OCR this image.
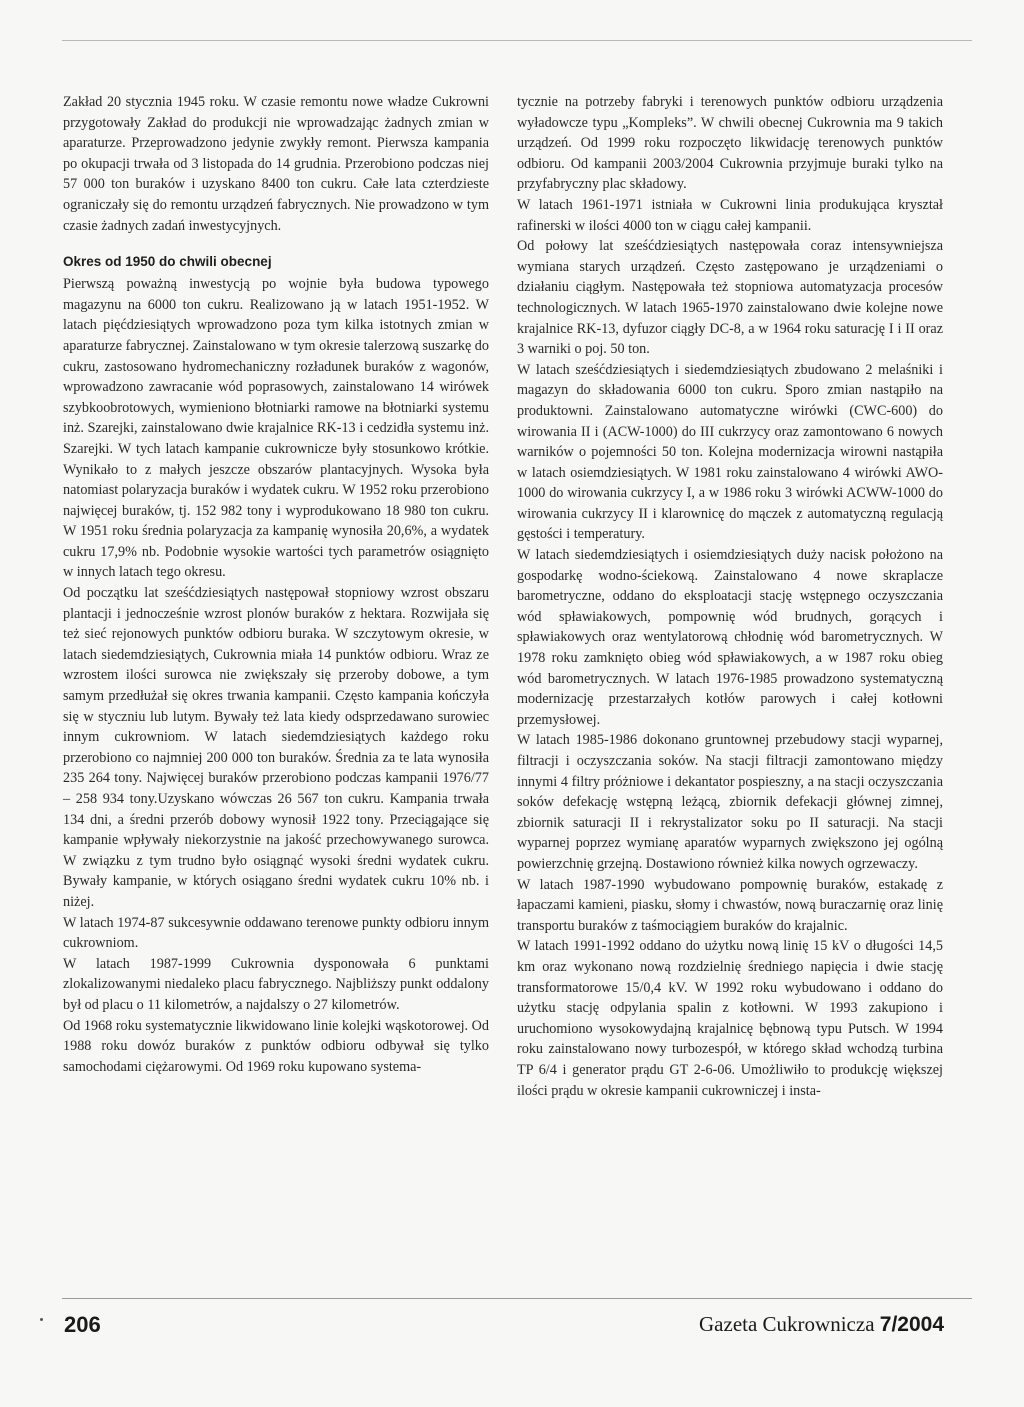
Zakład 20 stycznia 1945 roku. W czasie remontu nowe władze Cukrowni przygotowały Zakład do produkcji nie wprowadzając żadnych zmian w aparaturze. Przeprowadzono jedynie zwykły remont. Pierwsza kampania po okupacji trwała od 3 listopada do 14 grudnia. Przerobiono podczas niej 57 000 ton buraków i uzyskano 8400 ton cukru. Całe lata czterdzieste ograniczały się do remontu urządzeń fabrycznych. Nie prowadzono w tym czasie żadnych zadań inwestycyjnych.

Okres od 1950 do chwili obecnej

Pierwszą poważną inwestycją po wojnie była budowa typowego magazynu na 6000 ton cukru. Realizowano ją w latach 1951-1952. W latach pięćdziesiątych wprowadzono poza tym kilka istotnych zmian w aparaturze fabrycznej. Zainstalowano w tym okresie talerzową suszarkę do cukru, zastosowano hydromechaniczny rozładunek buraków z wagonów, wprowadzono zawracanie wód poprasowych, zainstalowano 14 wirówek szybkoobrotowych, wymieniono błotniarki ramowe na błotniarki systemu inż. Szarejki, zainstalowano dwie krajalnice RK-13 i cedzidła systemu inż. Szarejki. W tych latach kampanie cukrownicze były stosunkowo krótkie. Wynikało to z małych jeszcze obszarów plantacyjnych. Wysoka była natomiast polaryzacja buraków i wydatek cukru. W 1952 roku przerobiono najwięcej buraków, tj. 152 982 tony i wyprodukowano 18 980 ton cukru. W 1951 roku średnia polaryzacja za kampanię wynosiła 20,6%, a wydatek cukru 17,9% nb. Podobnie wysokie wartości tych parametrów osiągnięto w innych latach tego okresu.

Od początku lat sześćdziesiątych następował stopniowy wzrost obszaru plantacji i jednocześnie wzrost plonów buraków z hektara. Rozwijała się też sieć rejonowych punktów odbioru buraka. W szczytowym okresie, w latach siedemdziesiątych, Cukrownia miała 14 punktów odbioru. Wraz ze wzrostem ilości surowca nie zwiększały się przeroby dobowe, a tym samym przedłużał się okres trwania kampanii. Często kampania kończyła się w styczniu lub lutym. Bywały też lata kiedy odsprzedawano surowiec innym cukrowniom. W latach siedemdziesiątych każdego roku przerobiono co najmniej 200 000 ton buraków. Średnia za te lata wynosiła 235 264 tony. Najwięcej buraków przerobiono podczas kampanii 1976/77 – 258 934 tony.Uzyskano wówczas 26 567 ton cukru. Kampania trwała 134 dni, a średni przerób dobowy wynosił 1922 tony. Przeciągające się kampanie wpływały niekorzystnie na jakość przechowywanego surowca. W związku z tym trudno było osiągnąć wysoki średni wydatek cukru. Bywały kampanie, w których osiągano średni wydatek cukru 10% nb. i niżej.

W latach 1974-87 sukcesywnie oddawano terenowe punkty odbioru innym cukrowniom.

W latach 1987-1999 Cukrownia dysponowała 6 punktami zlokalizowanymi niedaleko placu fabrycznego. Najbliższy punkt oddalony był od placu o 11 kilometrów, a najdalszy o 27 kilometrów.

Od 1968 roku systematycznie likwidowano linie kolejki wąskotorowej. Od 1988 roku dowóz buraków z punktów odbioru odbywał się tylko samochodami ciężarowymi. Od 1969 roku kupowano systema-

tycznie na potrzeby fabryki i terenowych punktów odbioru urządzenia wyładowcze typu „Kompleks”. W chwili obecnej Cukrownia ma 9 takich urządzeń. Od 1999 roku rozpoczęto likwidację terenowych punktów odbioru. Od kampanii 2003/2004 Cukrownia przyjmuje buraki tylko na przyfabryczny plac składowy.

W latach 1961-1971 istniała w Cukrowni linia produkująca kryształ rafinerski w ilości 4000 ton w ciągu całej kampanii.

Od połowy lat sześćdziesiątych następowała coraz intensywniejsza wymiana starych urządzeń. Często zastępowano je urządzeniami o działaniu ciągłym. Następowała też stopniowa automatyzacja procesów technologicznych. W latach 1965-1970 zainstalowano dwie kolejne nowe krajalnice RK-13, dyfuzor ciągły DC-8, a w 1964 roku saturację I i II oraz 3 warniki o poj. 50 ton.

W latach sześćdziesiątych i siedemdziesiątych zbudowano 2 melaśniki i magazyn do składowania 6000 ton cukru. Sporo zmian nastąpiło na produktowni. Zainstalowano automatyczne wirówki (CWC-600) do wirowania II i (ACW-1000) do III cukrzycy oraz zamontowano 6 nowych warników o pojemności 50 ton. Kolejna modernizacja wirowni nastąpiła w latach osiemdziesiątych. W 1981 roku zainstalowano 4 wirówki AWO-1000 do wirowania cukrzycy I, a w 1986 roku 3 wirówki ACWW-1000 do wirowania cukrzycy II i klarownicę do mączek z automatyczną regulacją gęstości i temperatury.

W latach siedemdziesiątych i osiemdziesiątych duży nacisk położono na gospodarkę wodno-ściekową. Zainstalowano 4 nowe skraplacze barometryczne, oddano do eksploatacji stację wstępnego oczyszczania wód spławiakowych, pompownię wód brudnych, gorących i spławiakowych oraz wentylatorową chłodnię wód barometrycznych. W 1978 roku zamknięto obieg wód spławiakowych, a w 1987 roku obieg wód barometrycznych. W latach 1976-1985 prowadzono systematyczną modernizację przestarzałych kotłów parowych i całej kotłowni przemysłowej.

W latach 1985-1986 dokonano gruntownej przebudowy stacji wyparnej, filtracji i oczyszczania soków. Na stacji filtracji zamontowano między innymi 4 filtry próżniowe i dekantator pospieszny, a na stacji oczyszczania soków defekację wstępną leżącą, zbiornik defekacji głównej zimnej, zbiornik saturacji II i rekrystalizator soku po II saturacji. Na stacji wyparnej poprzez wymianę aparatów wyparnych zwiększono jej ogólną powierzchnię grzejną. Dostawiono również kilka nowych ogrzewaczy.

W latach 1987-1990 wybudowano pompownię buraków, estakadę z łapaczami kamieni, piasku, słomy i chwastów, nową buraczarnię oraz linię transportu buraków z taśmociągiem buraków do krajalnic.

W latach 1991-1992 oddano do użytku nową linię 15 kV o długości 14,5 km oraz wykonano nową rozdzielnię średniego napięcia i dwie stację transformatorowe 15/0,4 kV. W 1992 roku wybudowano i oddano do użytku stację odpylania spalin z kotłowni. W 1993 zakupiono i uruchomiono wysokowydajną krajalnicę bębnową typu Putsch. W 1994 roku zainstalowano nowy turbozespół, w którego skład wchodzą turbina TP 6/4 i generator prądu GT 2-6-06. Umożliwiło to produkcję większej ilości prądu w okresie kampanii cukrowniczej i insta-

206	Gazeta Cukrownicza 7/2004
